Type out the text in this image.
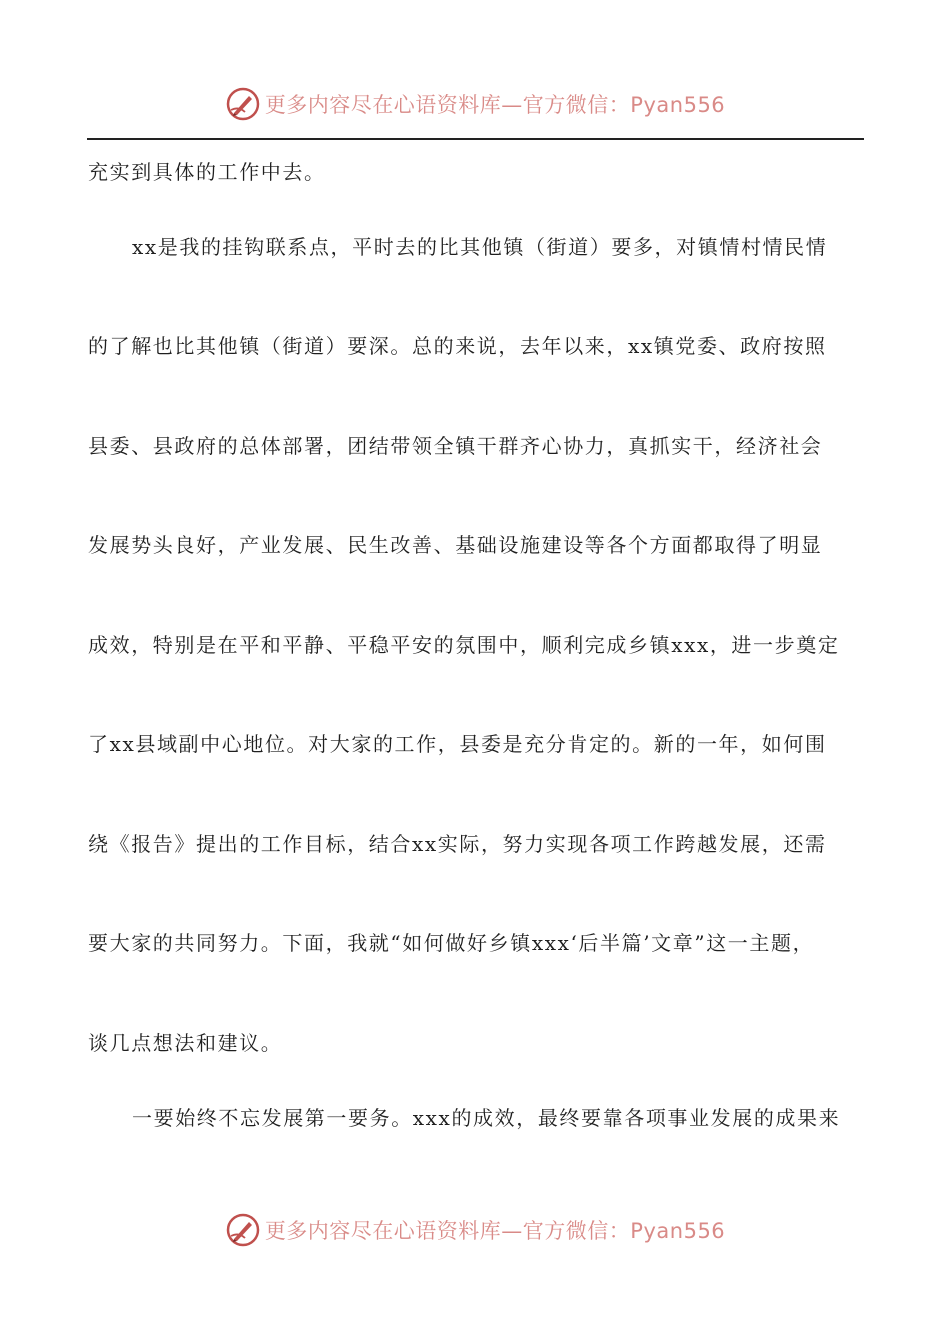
更多内容尽在心语资料库—官方微信：Pyan556
充实到具体的工作中去。
xx是我的挂钩联系点，平时去的比其他镇（街道）要多，对镇情村情民情
的了解也比其他镇（街道）要深。总的来说，去年以来，xx镇党委、政府按照
县委、县政府的总体部署，团结带领全镇干群齐心协力，真抓实干，经济社会
发展势头良好，产业发展、民生改善、基础设施建设等各个方面都取得了明显
成效，特别是在平和平静、平稳平安的氛围中，顺利完成乡镇xxx，进一步奠定
了xx县域副中心地位。对大家的工作，县委是充分肯定的。新的一年，如何围
绕《报告》提出的工作目标，结合xx实际，努力实现各项工作跨越发展，还需
要大家的共同努力。下面，我就“如何做好乡镇xxx‘后半篇’文章”这一主题，
谈几点想法和建议。
一要始终不忘发展第一要务。xxx的成效，最终要靠各项事业发展的成果来
更多内容尽在心语资料库—官方微信：Pyan556
